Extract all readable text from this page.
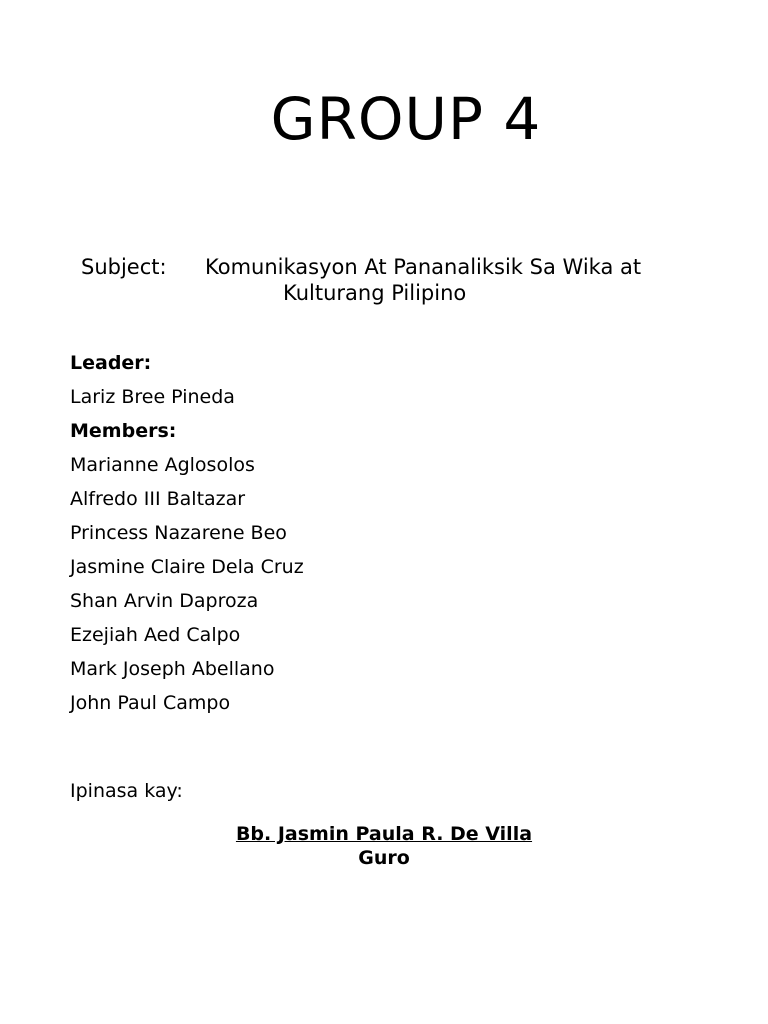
GROUP 4
Subject: Komunikasyon At Pananaliksik Sa Wika at
Kulturang Pilipino
Leader:
Lariz Bree Pineda
Members:
Marianne Aglosolos
Alfredo III Baltazar
Princess Nazarene Beo
Jasmine Claire Dela Cruz
Shan Arvin Daproza
Ezejiah Aed Calpo
Mark Joseph Abellano
John Paul Campo
Ipinasa kay:
Bb. Jasmin Paula R. De Villa
Guro
